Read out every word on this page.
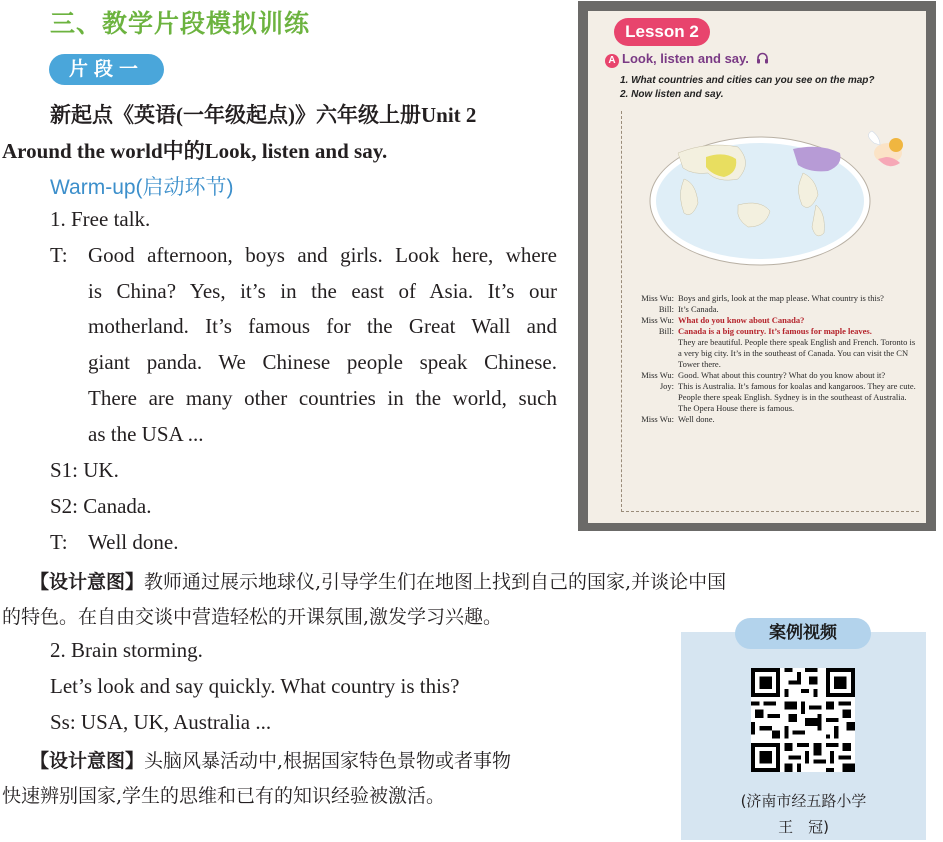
三、教学片段模拟训练
片段一
新起点《英语(一年级起点)》六年级上册Unit 2
Around the world中的Look, listen and say.
Warm-up(启动环节)
1. Free talk.
T: Good afternoon, boys and girls. Look here, where
is China? Yes, it’s in the east of Asia. It’s our
motherland. It’s famous for the Great Wall and
giant panda. We Chinese people speak Chinese.
There are many other countries in the world, such
as the USA ...
S1: UK.
S2: Canada.
T: Well done.
【设计意图】教师通过展示地球仪,引导学生们在地图上找到自己的国家,并谈论中国
的特色。在自由交谈中营造轻松的开课氛围,激发学习兴趣。
2. Brain storming.
Let’s look and say quickly. What country is this?
Ss: USA, UK, Australia ...
【设计意图】头脑风暴活动中,根据国家特色景物或者事物
快速辨别国家,学生的思维和已有的知识经验被激活。
Lesson 2
A Look, listen and say.
1. What countries and cities can you see on the map?
2. Now listen and say.
Miss Wu: Boys and girls, look at the map please. What country is this?
Bill: It’s Canada.
Miss Wu: What do you know about Canada?
Bill: Canada is a big country. It’s famous for maple leaves.
They are beautiful. People there speak English and French. Toronto is a very big city. It’s in the southeast of Canada. You can visit the CN Tower there.
Miss Wu: Good. What about this country? What do you know about it?
Joy: This is Australia. It’s famous for koalas and kangaroos. They are cute. People there speak English. Sydney is in the southeast of Australia. The Opera House there is famous.
Miss Wu: Well done.
案例视频
(济南市经五路小学
王　冠)
